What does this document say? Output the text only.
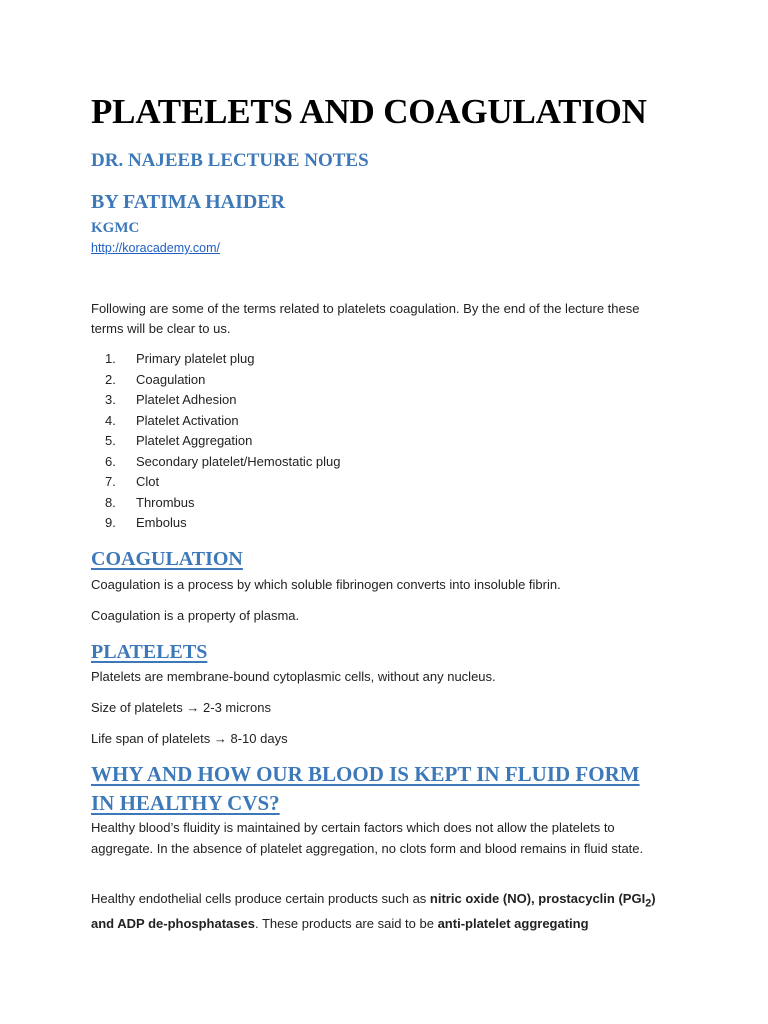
PLATELETS AND COAGULATION
DR. NAJEEB LECTURE NOTES
BY FATIMA HAIDER
KGMC
http://koracademy.com/
Following are some of the terms related to platelets coagulation. By the end of the lecture these terms will be clear to us.
1.	Primary platelet plug
2.	Coagulation
3.	Platelet Adhesion
4.	Platelet Activation
5.	Platelet Aggregation
6.	Secondary platelet/Hemostatic plug
7.	Clot
8.	Thrombus
9.	Embolus
COAGULATION
Coagulation is a process by which soluble fibrinogen converts into insoluble fibrin.
Coagulation is a property of plasma.
PLATELETS
Platelets are membrane-bound cytoplasmic cells, without any nucleus.
Size of platelets → 2-3 microns
Life span of platelets → 8-10 days
WHY AND HOW OUR BLOOD IS KEPT IN FLUID FORM IN HEALTHY CVS?
Healthy blood’s fluidity is maintained by certain factors which does not allow the platelets to aggregate. In the absence of platelet aggregation, no clots form and blood remains in fluid state.
Healthy endothelial cells produce certain products such as nitric oxide (NO), prostacyclin $(PGI_2)$ and ADP de-phosphatases. These products are said to be anti-platelet aggregating
